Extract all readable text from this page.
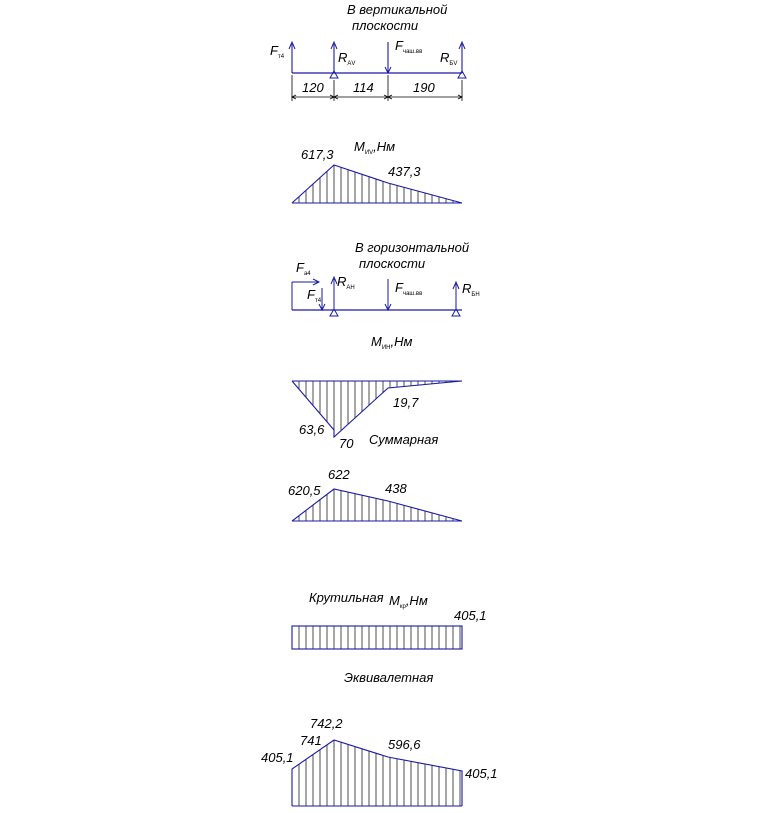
В вертикальной
плоскости
$F_{т4}$	$R_{АV}$
$F_{чаш.вв}$ $R_{БV}$
120 114	190
$M_{ИV},Нм$
617,3
437,3
В горизонтальной
плоскости
$F_{а4}$
$F_{т4}$
$R_{АН}$	$F_{чаш.вв}$	$R_{БН}$
$M_{ИН},Нм$
63,6
70
19,7
Суммарная
620,5
622
438
Крутильная $M_{кр},Нм$
405,1
Эквивалетная
405,1
741
742,2
596,6
405,1
